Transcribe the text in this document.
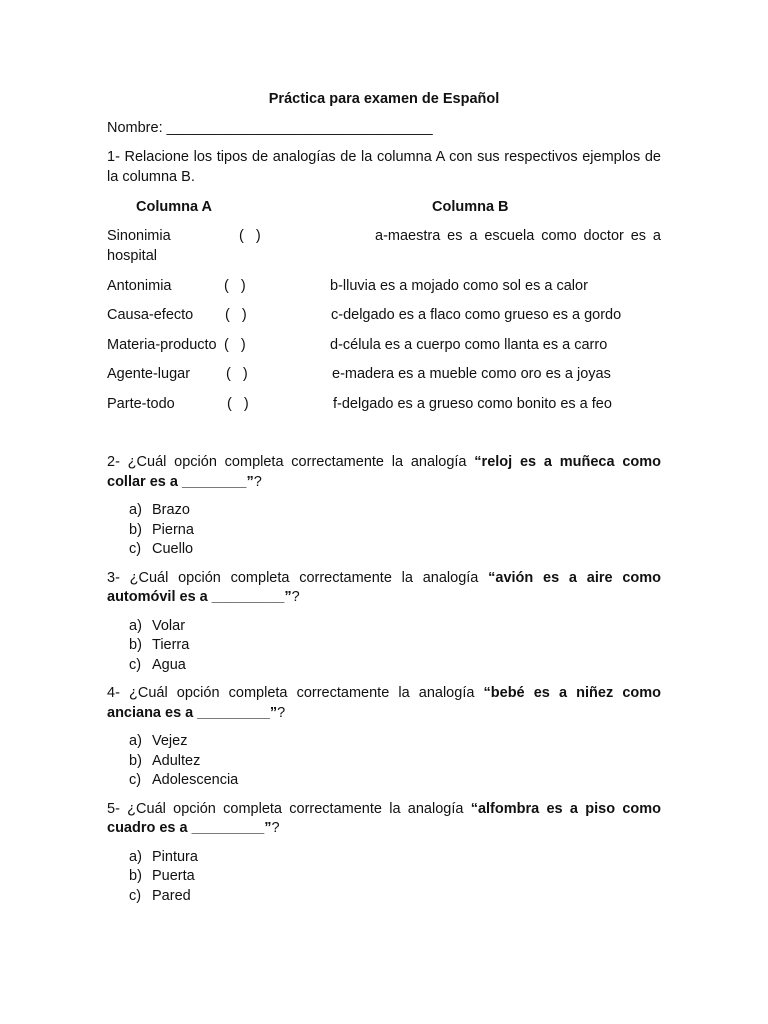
Práctica para examen de Español

Nombre: _________________________________

1- Relacione los tipos de analogías de la columna A con sus respectivos ejemplos de la columna B.

Columna A	Columna B
Sinonimia	(   )	a-maestra es a escuela como doctor es a
hospital
Antonimia	(   )	b-lluvia es a mojado como sol es a calor
Causa-efecto (   )	c-delgado es a flaco como grueso es a gordo
Materia-producto (   )	d-célula es a cuerpo como llanta es a carro
Agente-lugar (   )	e-madera es a mueble como oro es a joyas
Parte-todo	(   )	f-delgado es a grueso como bonito es a feo

2- ¿Cuál opción completa correctamente la analogía “reloj es a muñeca como collar es a ________”?

a) Brazo
b) Pierna
c) Cuello

3- ¿Cuál opción completa correctamente la analogía “avión es a aire como automóvil es a _________”?

a) Volar
b) Tierra
c) Agua

4- ¿Cuál opción completa correctamente la analogía “bebé es a niñez como anciana es a _________”?

a) Vejez
b) Adultez
c) Adolescencia

5- ¿Cuál opción completa correctamente la analogía “alfombra es a piso como cuadro es a _________”?

a) Pintura
b) Puerta
c) Pared
